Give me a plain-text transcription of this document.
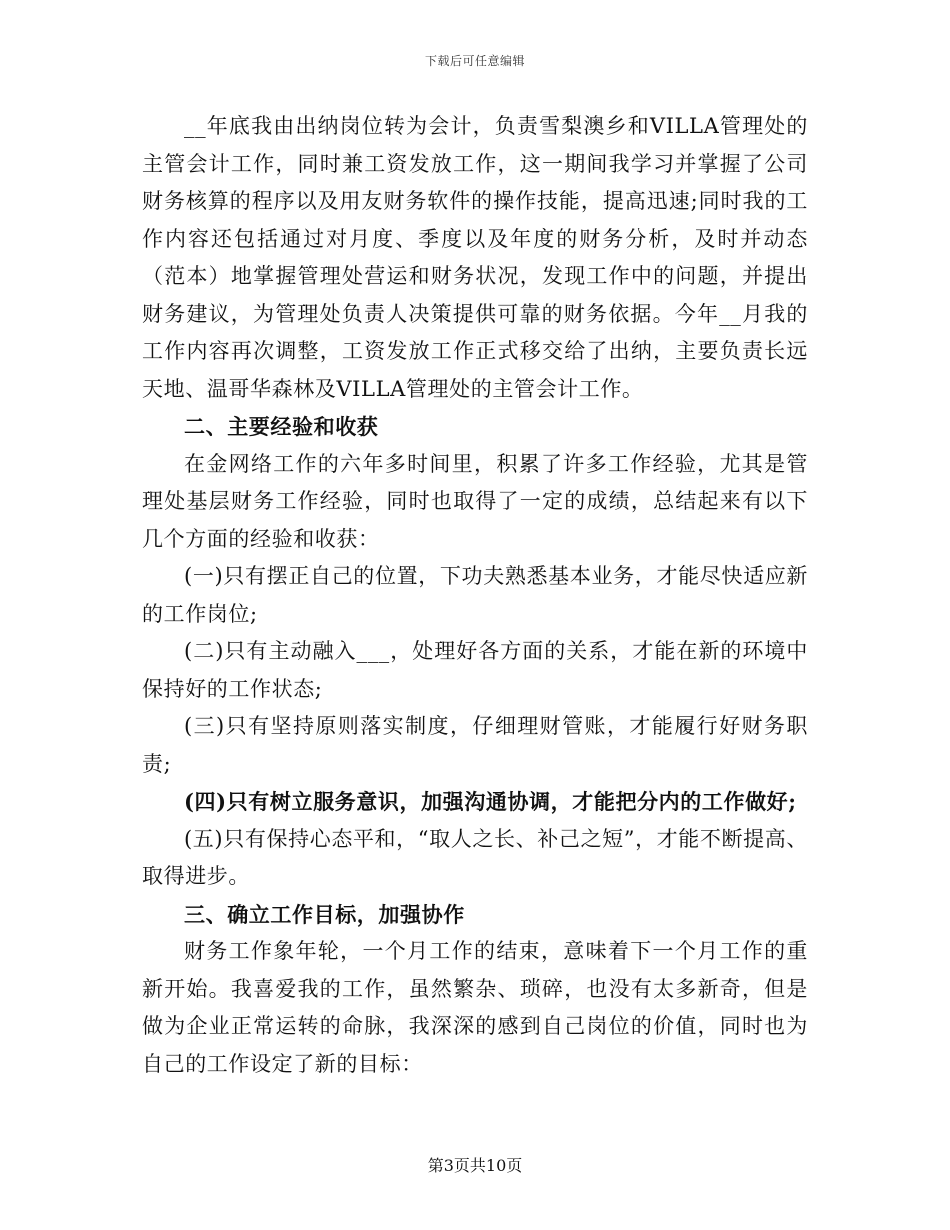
下载后可任意编辑

__年底我由出纳岗位转为会计，负责雪梨澳乡和VILLA管理处的主管会计工作，同时兼工资发放工作，这一期间我学习并掌握了公司财务核算的程序以及用友财务软件的操作技能，提高迅速;同时我的工作内容还包括通过对月度、季度以及年度的财务分析，及时并动态（范本）地掌握管理处营运和财务状况，发现工作中的问题，并提出财务建议，为管理处负责人决策提供可靠的财务依据。今年__月我的工作内容再次调整，工资发放工作正式移交给了出纳，主要负责长远天地、温哥华森林及VILLA管理处的主管会计工作。

二、主要经验和收获

在金网络工作的六年多时间里，积累了许多工作经验，尤其是管理处基层财务工作经验，同时也取得了一定的成绩，总结起来有以下几个方面的经验和收获：

(一)只有摆正自己的位置，下功夫熟悉基本业务，才能尽快适应新的工作岗位;

(二)只有主动融入___，处理好各方面的关系，才能在新的环境中保持好的工作状态;

(三)只有坚持原则落实制度，仔细理财管账，才能履行好财务职责;

(四)只有树立服务意识，加强沟通协调，才能把分内的工作做好;

(五)只有保持心态平和，“取人之长、补己之短”，才能不断提高、取得进步。

三、确立工作目标，加强协作

财务工作象年轮，一个月工作的结束，意味着下一个月工作的重新开始。我喜爱我的工作，虽然繁杂、琐碎，也没有太多新奇，但是做为企业正常运转的命脉，我深深的感到自己岗位的价值，同时也为自己的工作设定了新的目标：

第3页共10页
